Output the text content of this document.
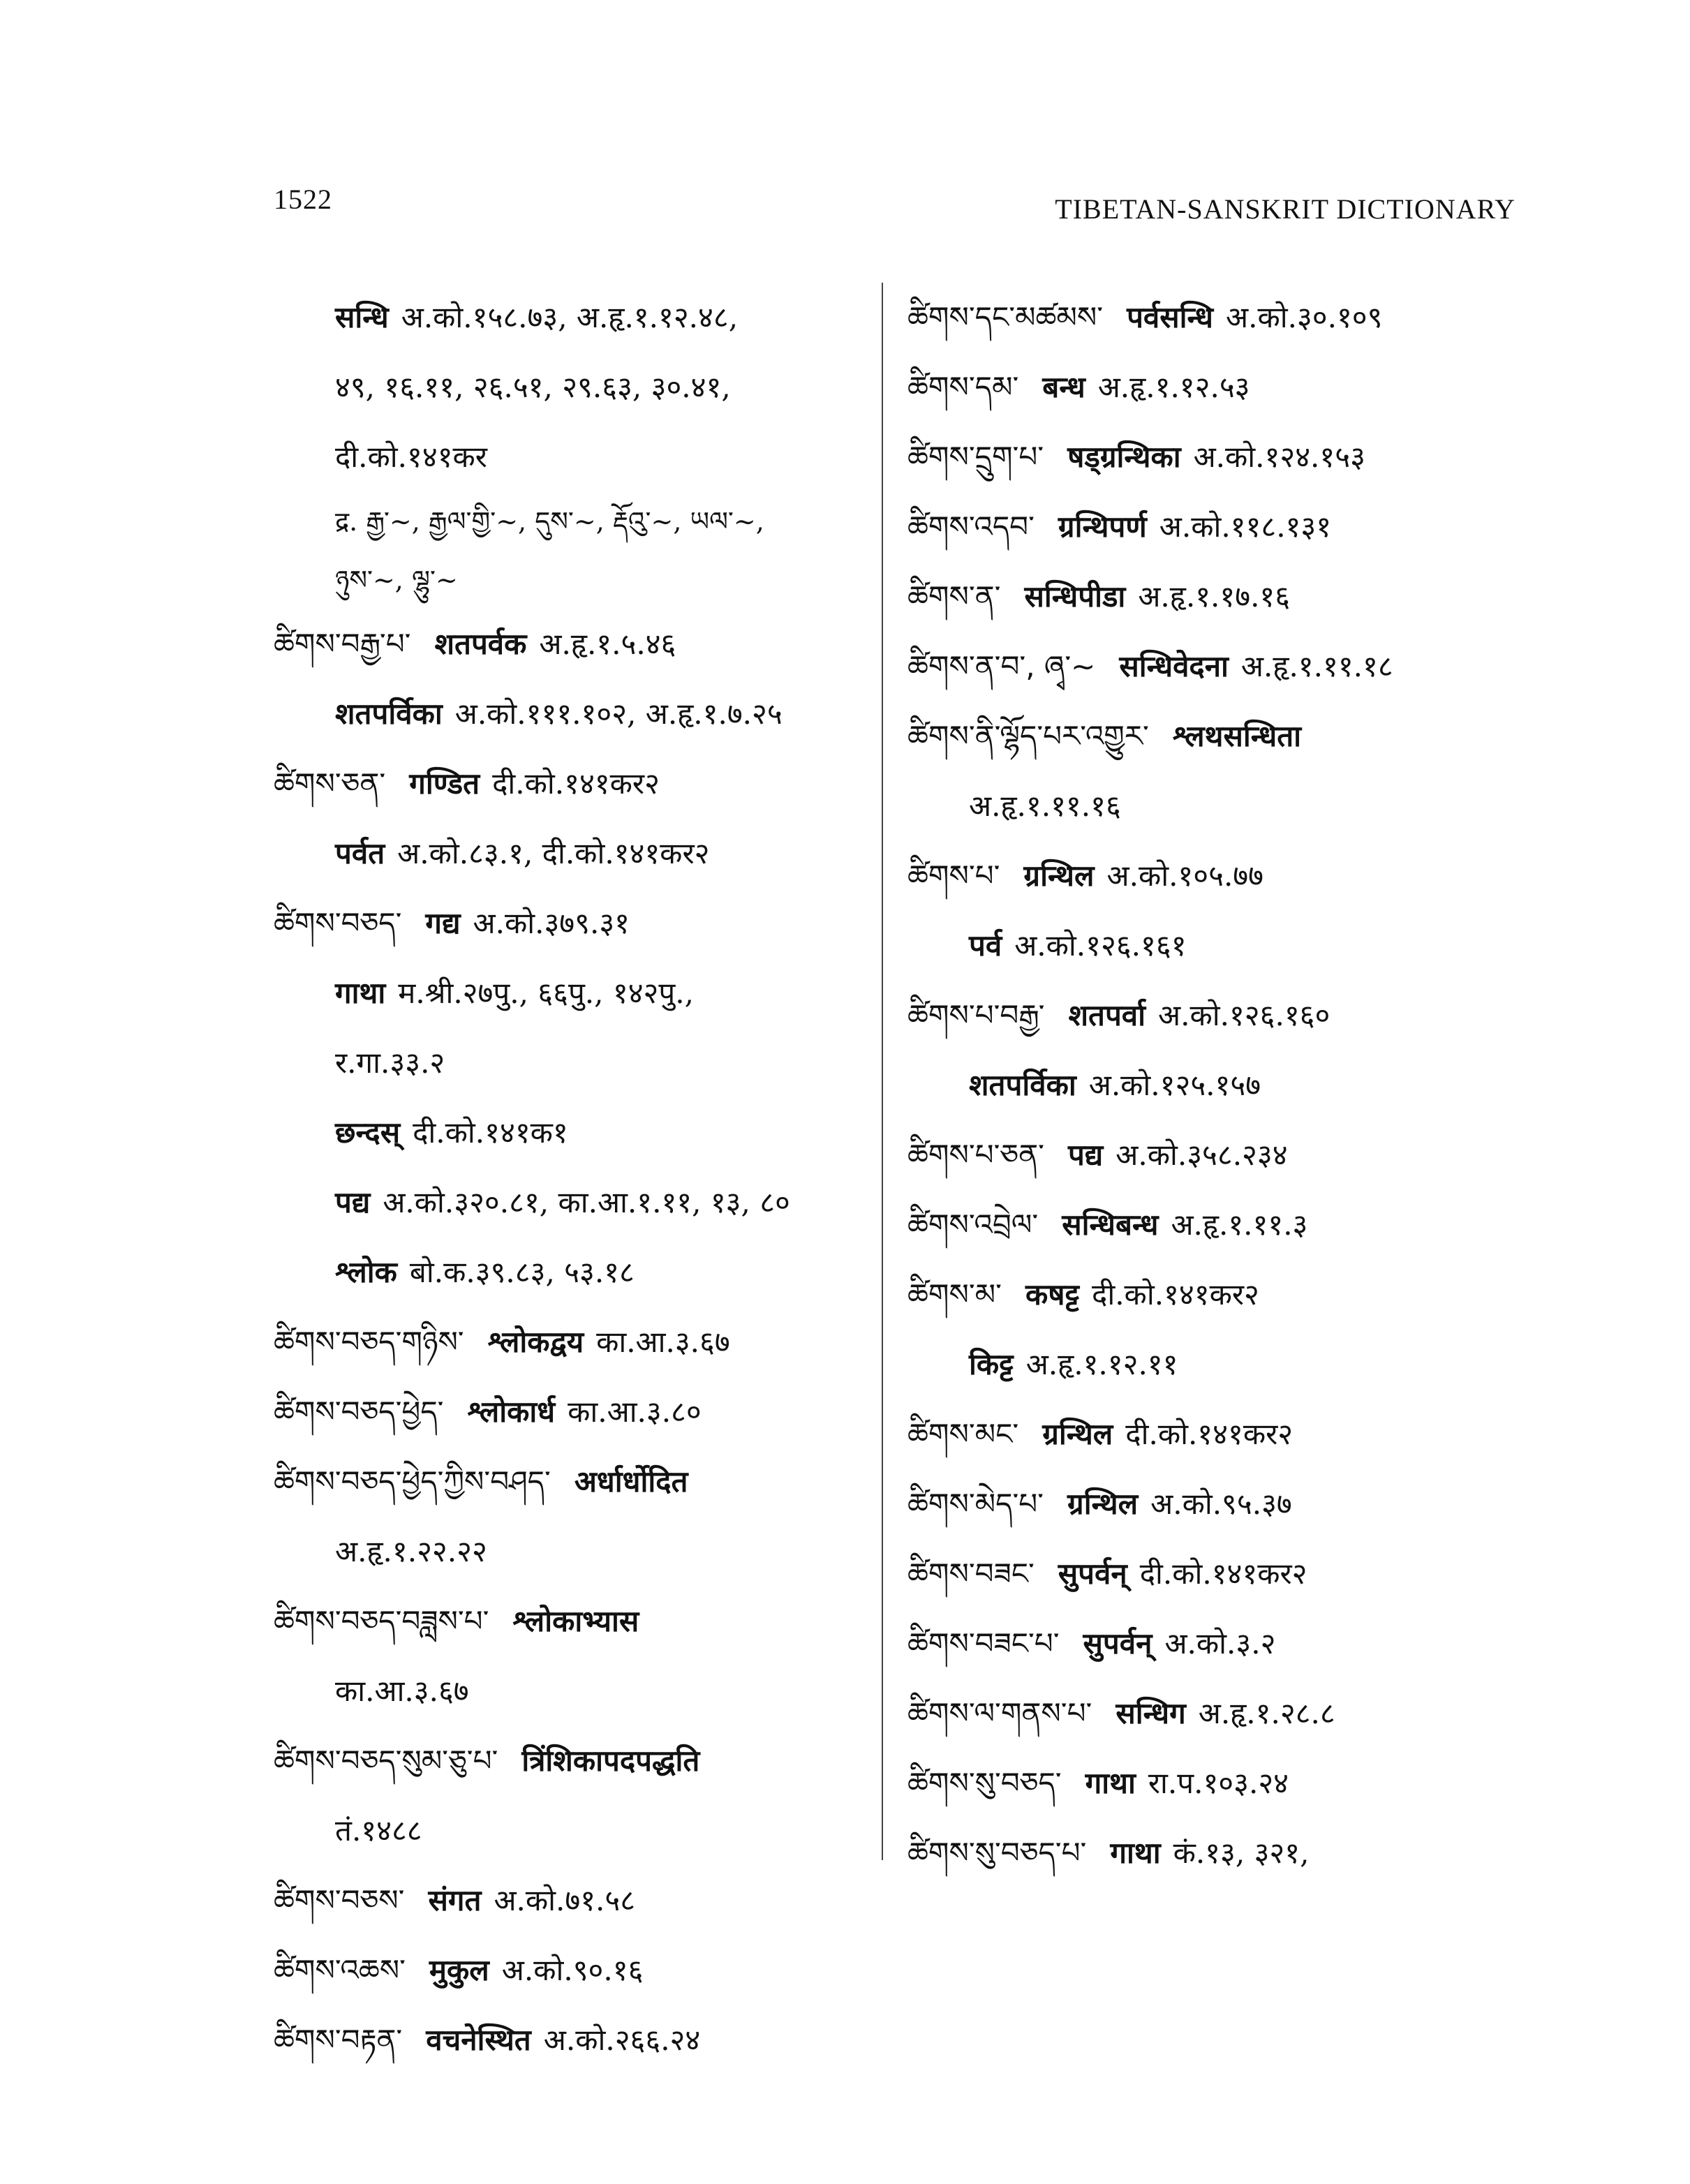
1522	TIBETAN-SANSKRIT DICTIONARY
सन्धि अ.को.१५८.७३, अ.हृ.१.१२.४८,
४९, १६.११, २६.५१, २९.६३, ३०.४१,
दी.को.१४१कर
द्र. རྒྱ་~, རྒྱལ་གྱི་~, དུས་~, རྡོའུ་~, ཡལ་~,
ཉུས་~, ལྷུ་~
ཚིགས་བརྒྱ་པ་ शतपर्वक अ.हृ.१.५.४६
शतपर्विका अ.को.१११.१०२, अ.हृ.१.७.२५
ཚིགས་ཅན་ गण्डित दी.को.१४१कर२
पर्वत अ.को.८३.१, दी.को.१४१कर२
ཚིགས་བཅད་ गद्य अ.को.३७९.३१
गाथा म.श्री.२७पु., ६६पु., १४२पु.,
र.गा.३३.२
छन्दस् दी.को.१४१क१
पद्य अ.को.३२०.८१, का.आ.१.११, १३, ८०
श्लोक बो.क.३९.८३, ५३.१८
ཚིགས་བཅད་གཉིས་ श्लोकद्वय का.आ.३.६७
ཚིགས་བཅད་ཕྱེད་ श्लोकार्ध का.आ.३.८०
ཚིགས་བཅད་ཕྱེད་ཀྱིས་བཤད་ अर्धार्धोदित
अ.हृ.१.२२.२२
ཚིགས་བཅད་བཟླས་པ་ श्लोकाभ्यास
का.आ.३.६७
ཚིགས་བཅད་སུམ་ཅུ་པ་ त्रिंशिकापदपद्धति
तं.१४८८
ཚིགས་བཅས་ संगत अ.को.७१.५८
ཚིགས་འཆས་ मुकुल अ.को.९०.१६
ཚིགས་བརྟན་ वचनेस्थित अ.को.२६६.२४
ཚིགས་དང་མཚམས་ पर्वसन्धि अ.को.३०.१०९
ཚིགས་དམ་ बन्ध अ.हृ.१.१२.५३
ཚིགས་དྲུག་པ་ षड्ग्रन्थिका अ.को.१२४.१५३
ཚིགས་འདབ་ ग्रन्थिपर्ण अ.को.११८.१३१
ཚིགས་ན་ सन्धिपीडा अ.हृ.१.१७.१६
ཚིགས་ན་བ་, ཞྭ་~ सन्धिवेदना अ.हृ.१.११.१८
ཚིགས་ནི་ལྷོད་པར་འགྱུར་ श्लथसन्धिता
अ.हृ.१.११.१६
ཚིགས་པ་ ग्रन्थिल अ.को.१०५.७७
पर्व अ.को.१२६.१६१
ཚིགས་པ་བརྒྱ་ शतपर्वा अ.को.१२६.१६०
शतपर्विका अ.को.१२५.१५७
ཚིགས་པ་ཅན་ पद्य अ.को.३५८.२३४
ཚིགས་འབྲེལ་ सन्धिबन्ध अ.हृ.१.११.३
ཚིགས་མ་ कषट्ट दी.को.१४१कर२
किट्ट अ.हृ.१.१२.११
ཚིགས་མང་ ग्रन्थिल दी.को.१४१कर२
ཚིགས་མེད་པ་ ग्रन्थिल अ.को.९५.३७
ཚིགས་བཟང་ सुपर्वन् दी.को.१४१कर२
ཚིགས་བཟང་པ་ सुपर्वन् अ.को.३.२
ཚིགས་ལ་གནས་པ་ सन्धिग अ.हृ.१.२८.८
ཚིགས་སུ་བཅད་ गाथा रा.प.१०३.२४
ཚིགས་སུ་བཅད་པ་ गाथा कं.१३, ३२१,
